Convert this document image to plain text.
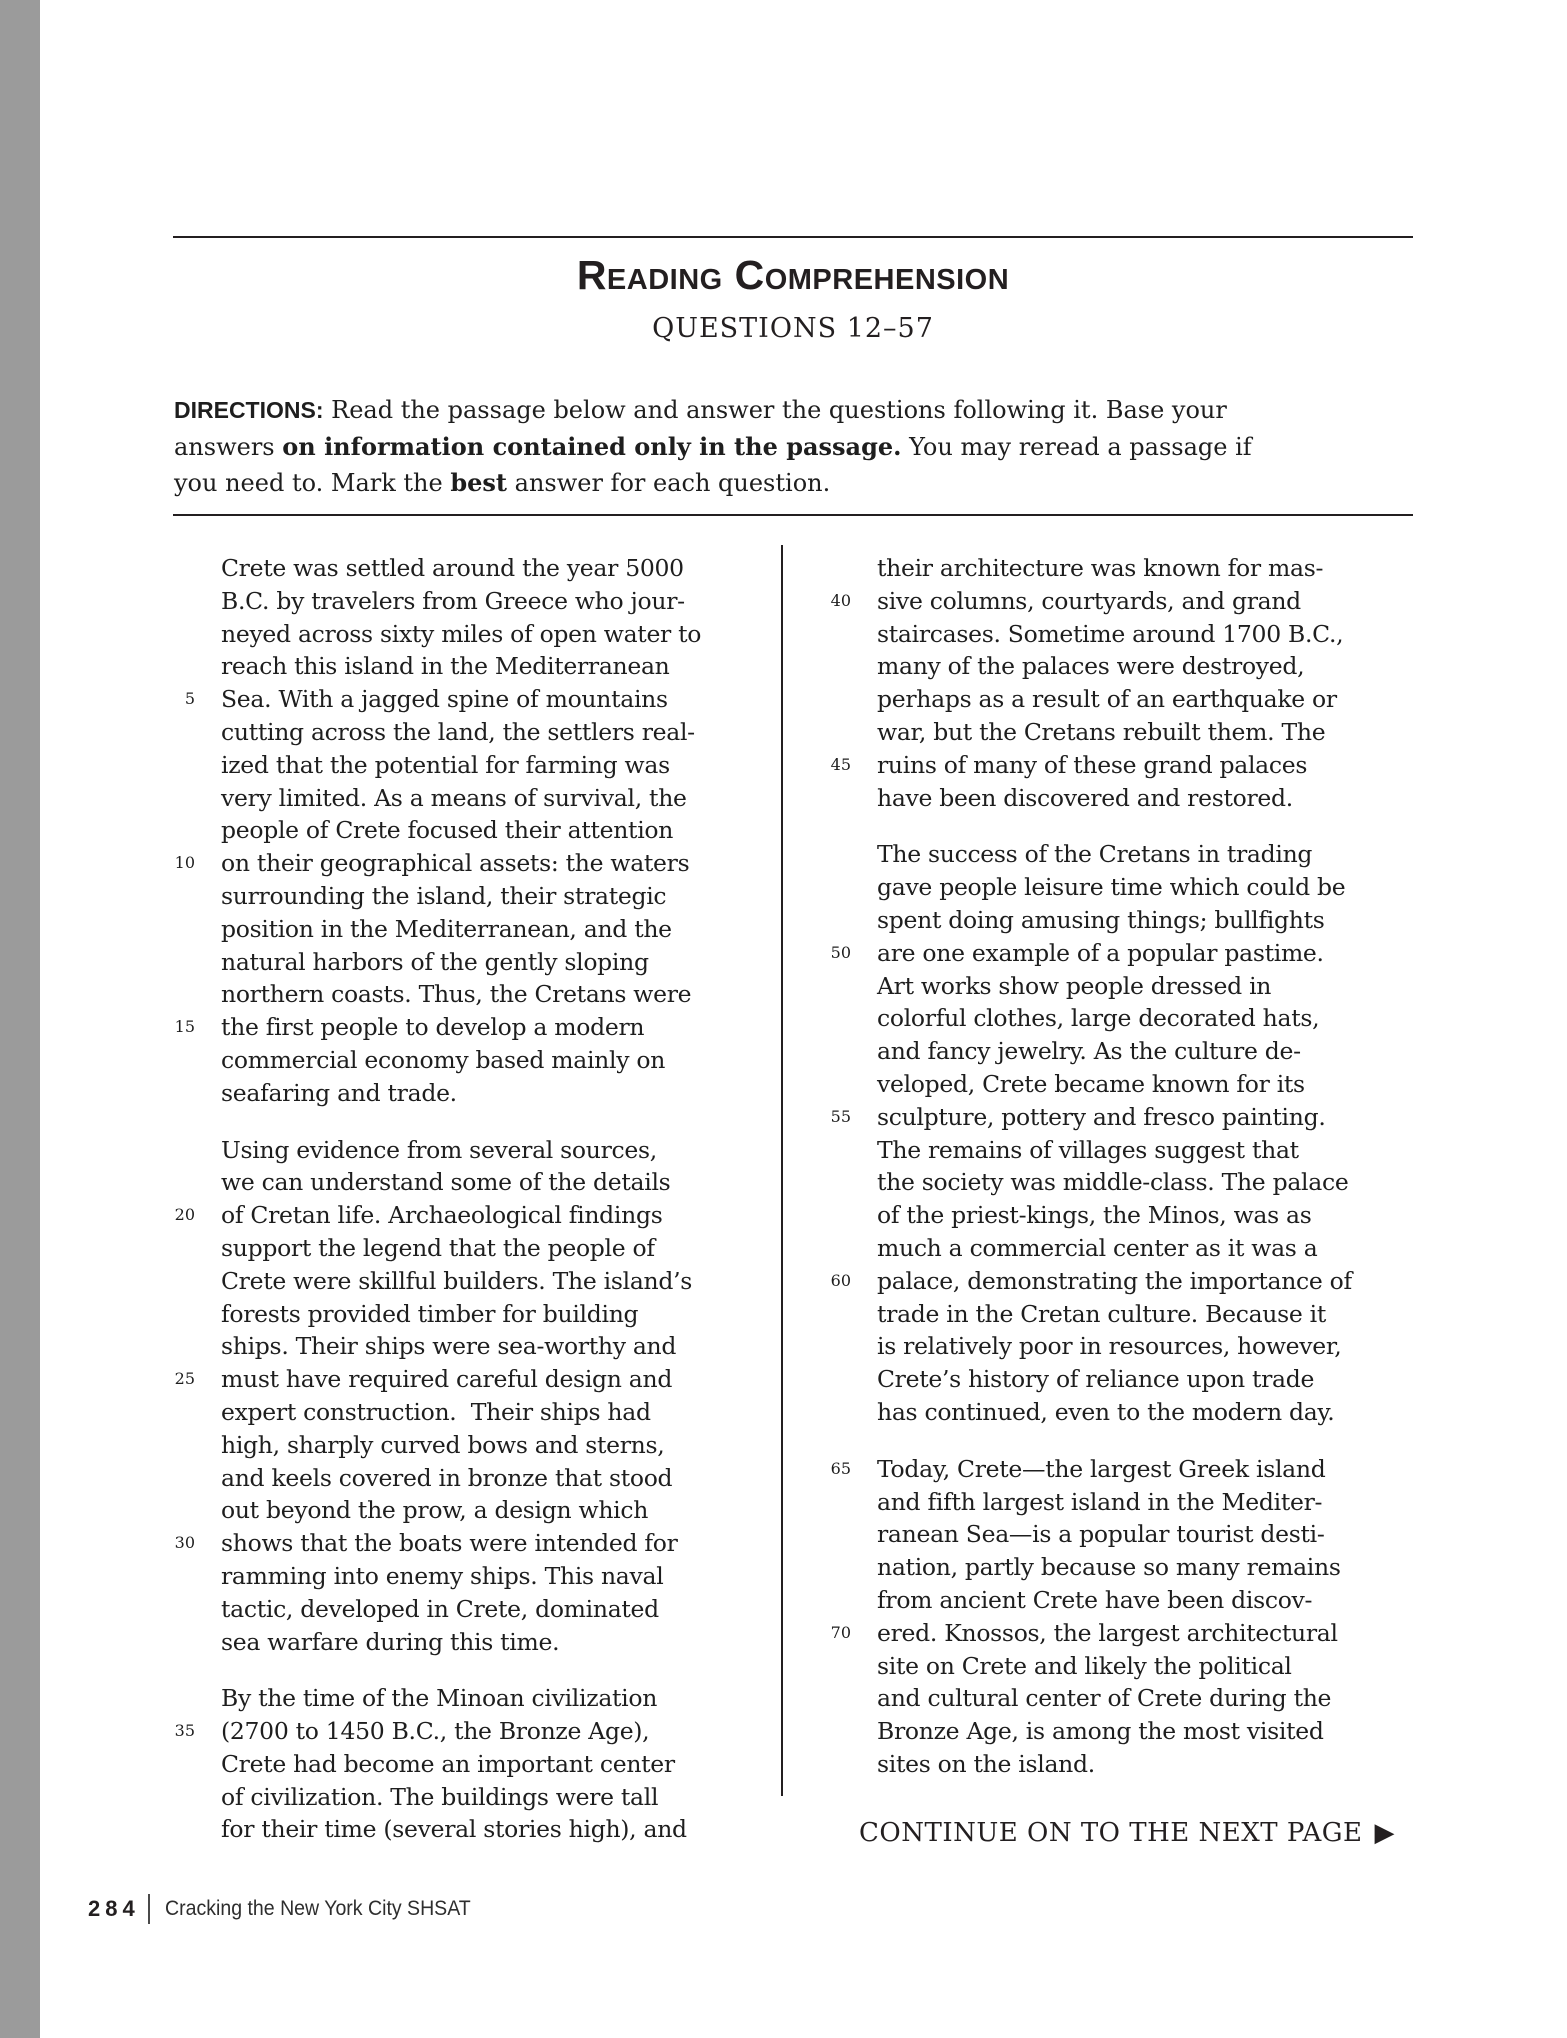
Reading Comprehension
QUESTIONS 12–57

DIRECTIONS: Read the passage below and answer the questions following it. Base your answers on information contained only in the passage. You may reread a passage if you need to. Mark the best answer for each question.

Crete was settled around the year 5000
B.C. by travelers from Greece who jour-
neyed across sixty miles of open water to
reach this island in the Mediterranean
5 Sea. With a jagged spine of mountains
cutting across the land, the settlers real-
ized that the potential for farming was
very limited. As a means of survival, the
people of Crete focused their attention
10 on their geographical assets: the waters
surrounding the island, their strategic
position in the Mediterranean, and the
natural harbors of the gently sloping
northern coasts. Thus, the Cretans were
15 the first people to develop a modern
commercial economy based mainly on
seafaring and trade.
Using evidence from several sources,
we can understand some of the details
20 of Cretan life. Archaeological findings
support the legend that the people of
Crete were skillful builders. The island’s
forests provided timber for building
ships. Their ships were sea-worthy and
25 must have required careful design and
expert construction.  Their ships had
high, sharply curved bows and sterns,
and keels covered in bronze that stood
out beyond the prow, a design which
30 shows that the boats were intended for
ramming into enemy ships. This naval
tactic, developed in Crete, dominated
sea warfare during this time.
By the time of the Minoan civilization
35 (2700 to 1450 B.C., the Bronze Age),
Crete had become an important center
of civilization. The buildings were tall
for their time (several stories high), and
their architecture was known for mas-
40 sive columns, courtyards, and grand
staircases. Sometime around 1700 B.C.,
many of the palaces were destroyed,
perhaps as a result of an earthquake or
war, but the Cretans rebuilt them. The
45 ruins of many of these grand palaces
have been discovered and restored.
The success of the Cretans in trading
gave people leisure time which could be
spent doing amusing things; bullfights
50 are one example of a popular pastime.
Art works show people dressed in
colorful clothes, large decorated hats,
and fancy jewelry. As the culture de-
veloped, Crete became known for its
55 sculpture, pottery and fresco painting.
The remains of villages suggest that
the society was middle-class. The palace
of the priest-kings, the Minos, was as
much a commercial center as it was a
60 palace, demonstrating the importance of
trade in the Cretan culture. Because it
is relatively poor in resources, however,
Crete’s history of reliance upon trade
has continued, even to the modern day.
65 Today, Crete—the largest Greek island
and fifth largest island in the Mediter-
ranean Sea—is a popular tourist desti-
nation, partly because so many remains
from ancient Crete have been discov-
70 ered. Knossos, the largest architectural
site on Crete and likely the political
and cultural center of Crete during the
Bronze Age, is among the most visited
sites on the island.
CONTINUE ON TO THE NEXT PAGE ▶
284 Cracking the New York City SHSAT
